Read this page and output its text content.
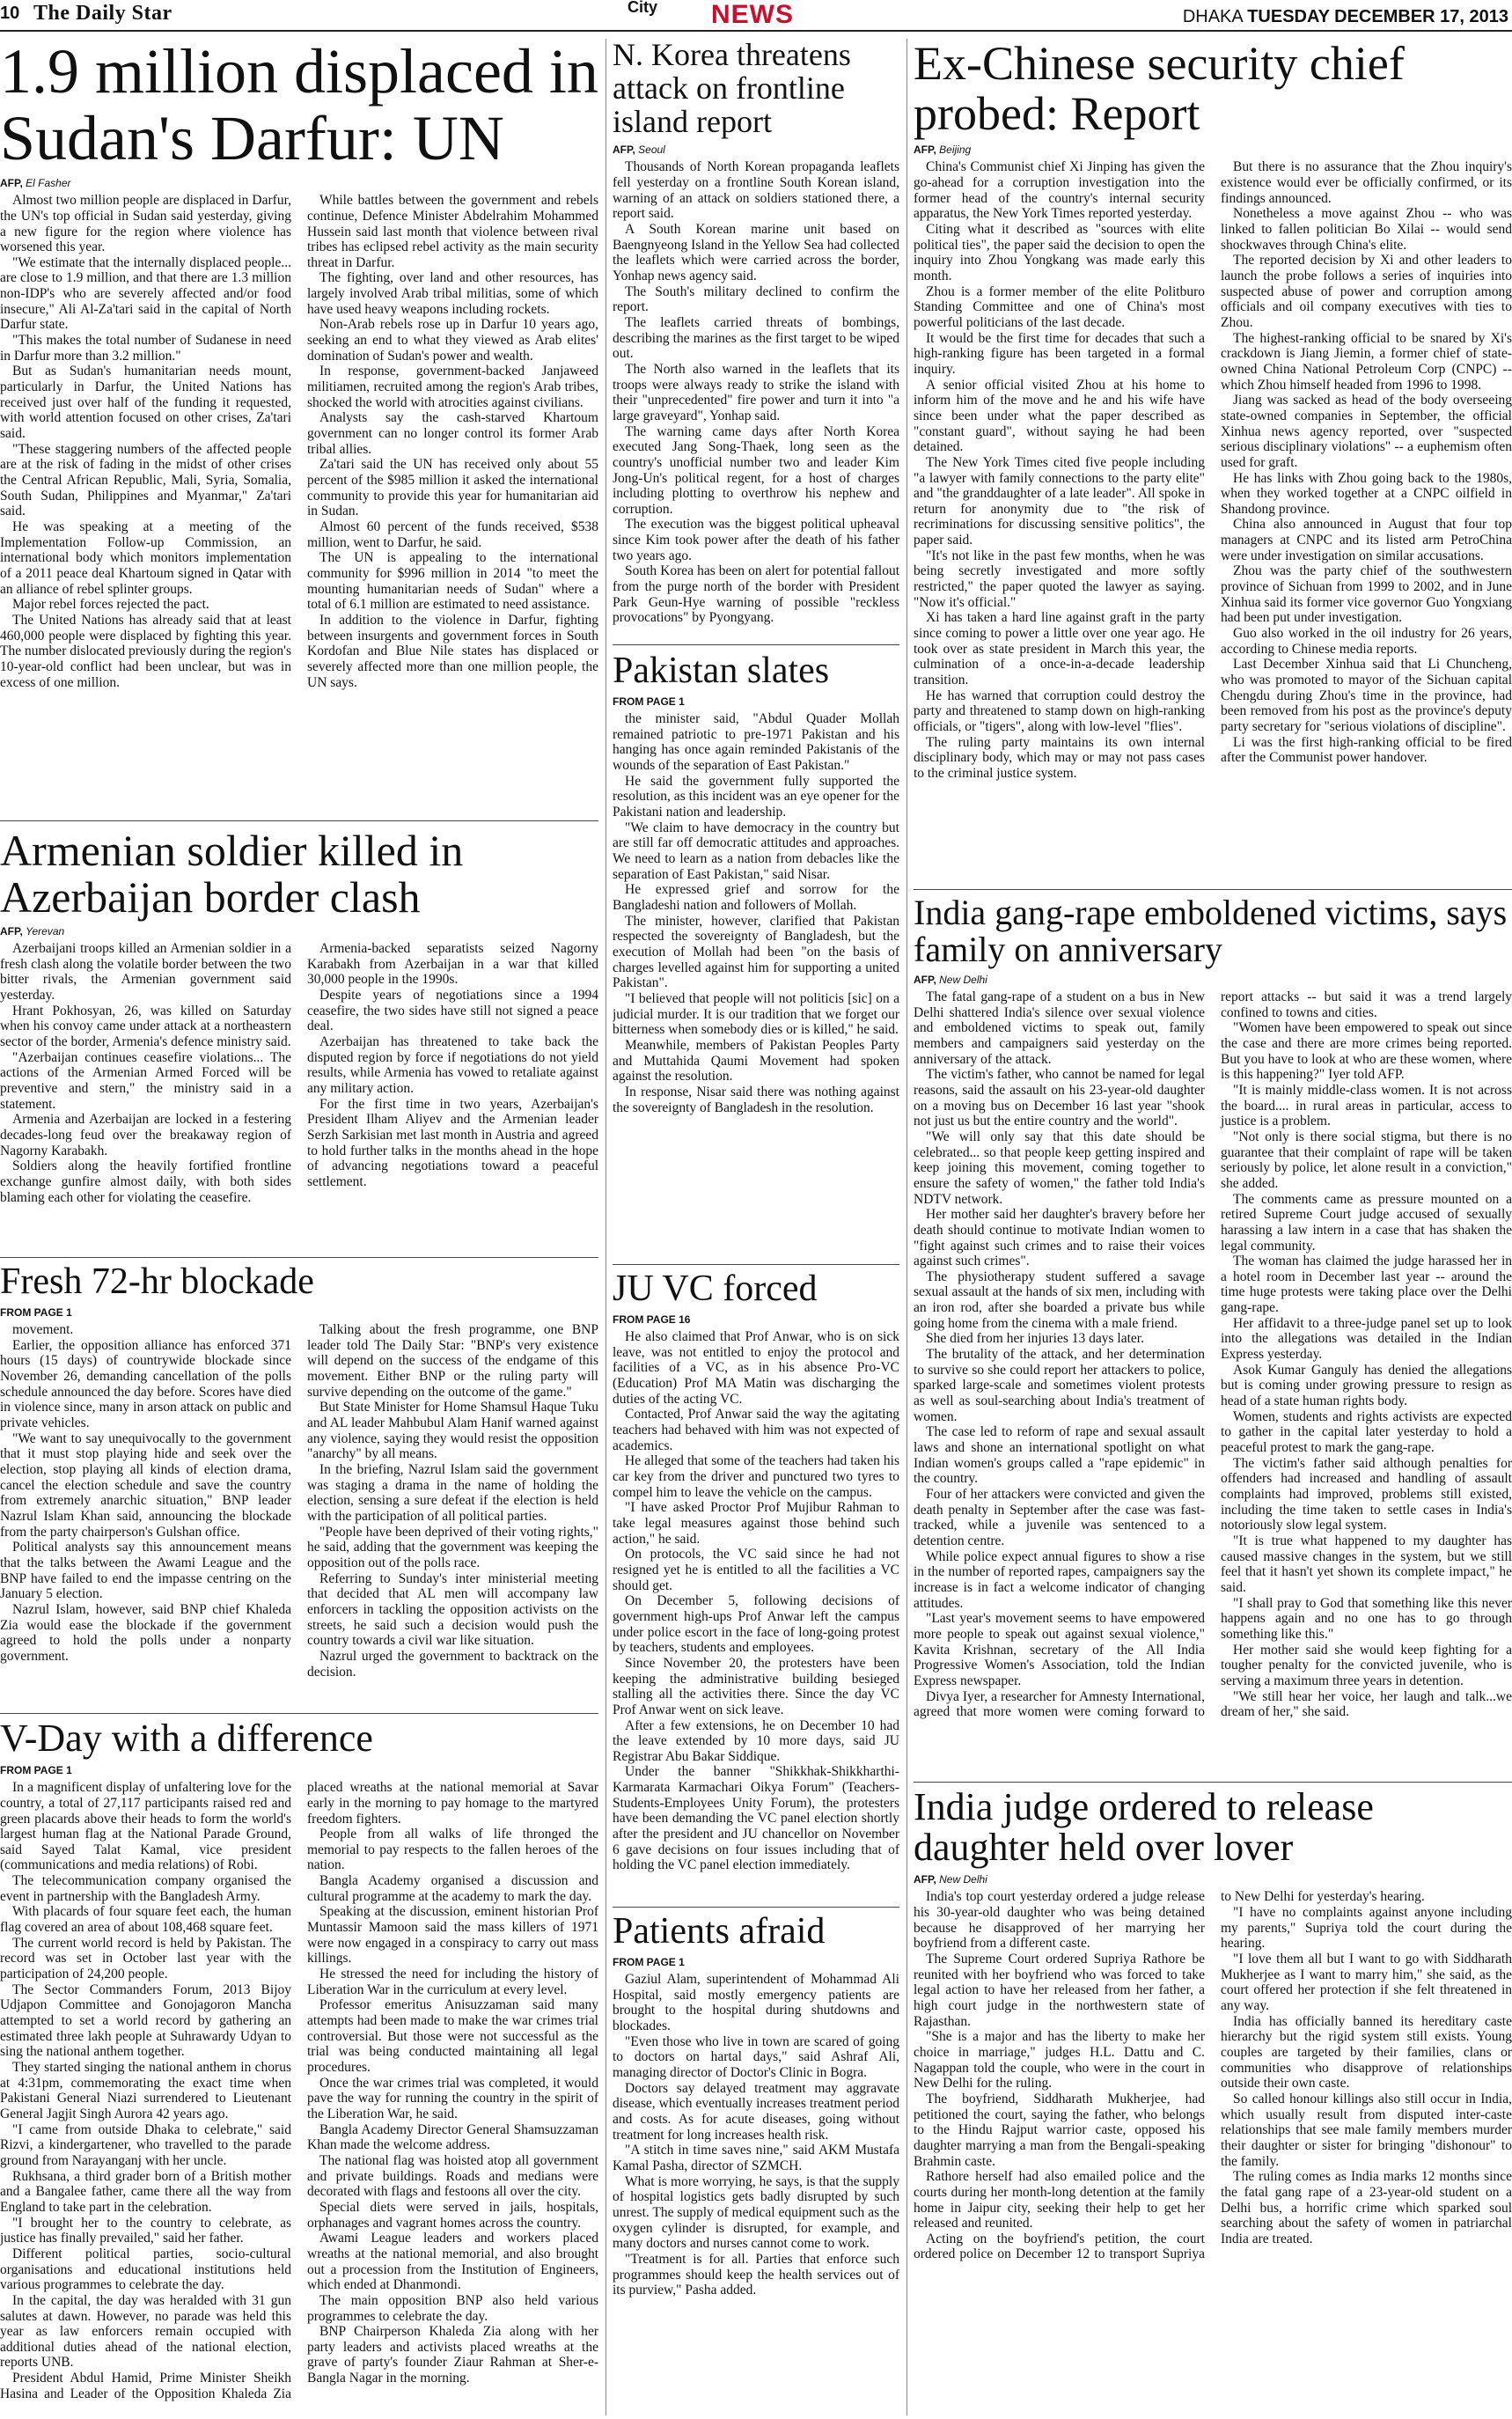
10 The Daily Star	City NEWS	DHAKA TUESDAY DECEMBER 17, 2013
1.9 million displaced in Sudan's Darfur: UN
AFP, El Fasher

Almost two million people are displaced in Darfur, the UN's top official in Sudan said yesterday, giving a new figure for the region where violence has worsened this year.

"We estimate that the internally displaced people... are close to 1.9 million, and that there are 1.3 million non-IDP's who are severely affected and/or food insecure," Ali Al-Za'tari said in the capital of North Darfur state.

"This makes the total number of Sudanese in need in Darfur more than 3.2 million."

But as Sudan's humanitarian needs mount, particularly in Darfur, the United Nations has received just over half of the funding it requested, with world attention focused on other crises, Za'tari said.

"These staggering numbers of the affected people are at the risk of fading in the midst of other crises the Central African Republic, Mali, Syria, Somalia, South Sudan, Philippines and Myanmar," Za'tari said.

He was speaking at a meeting of the Implementation Follow-up Commission, an international body which monitors implementation of a 2011 peace deal Khartoum signed in Qatar with an alliance of rebel splinter groups.

Major rebel forces rejected the pact.

The United Nations has already said that at least 460,000 people were displaced by fighting this year. The number dislocated previously during the region's 10-year-old conflict had been unclear, but was in excess of one million.

While battles between the government and rebels continue, Defence Minister Abdelrahim Mohammed Hussein said last month that violence between rival tribes has eclipsed rebel activity as the main security threat in Darfur.

The fighting, over land and other resources, has largely involved Arab tribal militias, some of which have used heavy weapons including rockets.

Non-Arab rebels rose up in Darfur 10 years ago, seeking an end to what they viewed as Arab elites' domination of Sudan's power and wealth.

In response, government-backed Janjaweed militiamen, recruited among the region's Arab tribes, shocked the world with atrocities against civilians.

Analysts say the cash-starved Khartoum government can no longer control its former Arab tribal allies.

Za'tari said the UN has received only about 55 percent of the $985 million it asked the international community to provide this year for humanitarian aid in Sudan.

Almost 60 percent of the funds received, $538 million, went to Darfur, he said.

The UN is appealing to the international community for $996 million in 2014 "to meet the mounting humanitarian needs of Sudan" where a total of 6.1 million are estimated to need assistance.

In addition to the violence in Darfur, fighting between insurgents and government forces in South Kordofan and Blue Nile states has displaced or severely affected more than one million people, the UN says.

Armenian soldier killed in Azerbaijan border clash
AFP, Yerevan

Azerbaijani troops killed an Armenian soldier in a fresh clash along the volatile border between the two bitter rivals, the Armenian government said yesterday.

Hrant Pokhosyan, 26, was killed on Saturday when his convoy came under attack at a northeastern sector of the border, Armenia's defence ministry said.

"Azerbaijan continues ceasefire violations... The actions of the Armenian Armed Forced will be preventive and stern," the ministry said in a statement.

Armenia and Azerbaijan are locked in a festering decades-long feud over the breakaway region of Nagorny Karabakh.

Soldiers along the heavily fortified frontline exchange gunfire almost daily, with both sides blaming each other for violating the ceasefire.

Armenia-backed separatists seized Nagorny Karabakh from Azerbaijan in a war that killed 30,000 people in the 1990s.

Despite years of negotiations since a 1994 ceasefire, the two sides have still not signed a peace deal.

Azerbaijan has threatened to take back the disputed region by force if negotiations do not yield results, while Armenia has vowed to retaliate against any military action.

For the first time in two years, Azerbaijan's President Ilham Aliyev and the Armenian leader Serzh Sarkisian met last month in Austria and agreed to hold further talks in the months ahead in the hope of advancing negotiations toward a peaceful settlement.

Fresh 72-hr blockade
FROM PAGE 1

movement.

Earlier, the opposition alliance has enforced 371 hours (15 days) of countrywide blockade since November 26, demanding cancellation of the polls schedule announced the day before. Scores have died in violence since, many in arson attack on public and private vehicles.

"We want to say unequivocally to the government that it must stop playing hide and seek over the election, stop playing all kinds of election drama, cancel the election schedule and save the country from extremely anarchic situation," BNP leader Nazrul Islam Khan said, announcing the blockade from the party chairperson's Gulshan office.

Political analysts say this announcement means that the talks between the Awami League and the BNP have failed to end the impasse centring on the January 5 election.

Nazrul Islam, however, said BNP chief Khaleda Zia would ease the blockade if the government agreed to hold the polls under a nonparty government.

Talking about the fresh programme, one BNP leader told The Daily Star: "BNP's very existence will depend on the success of the endgame of this movement. Either BNP or the ruling party will survive depending on the outcome of the game."

But State Minister for Home Shamsul Haque Tuku and AL leader Mahbubul Alam Hanif warned against any violence, saying they would resist the opposition "anarchy" by all means.

In the briefing, Nazrul Islam said the government was staging a drama in the name of holding the election, sensing a sure defeat if the election is held with the participation of all political parties.

"People have been deprived of their voting rights," he said, adding that the government was keeping the opposition out of the polls race.

Referring to Sunday's inter ministerial meeting that decided that AL men will accompany law enforcers in tackling the opposition activists on the streets, he said such a decision would push the country towards a civil war like situation.

Nazrul urged the government to backtrack on the decision.

V-Day with a difference
FROM PAGE 1

In a magnificent display of unfaltering love for the country, a total of 27,117 participants raised red and green placards above their heads to form the world's largest human flag at the National Parade Ground, said Sayed Talat Kamal, vice president (communications and media relations) of Robi.

The telecommunication company organised the event in partnership with the Bangladesh Army.

With placards of four square feet each, the human flag covered an area of about 108,468 square feet.

The current world record is held by Pakistan. The record was set in October last year with the participation of 24,200 people.

The Sector Commanders Forum, 2013 Bijoy Udjapon Committee and Gonojagoron Mancha attempted to set a world record by gathering an estimated three lakh people at Suhrawardy Udyan to sing the national anthem together.

They started singing the national anthem in chorus at 4:31pm, commemorating the exact time when Pakistani General Niazi surrendered to Lieutenant General Jagjit Singh Aurora 42 years ago.

"I came from outside Dhaka to celebrate," said Rizvi, a kindergartener, who travelled to the parade ground from Narayanganj with her uncle.

Rukhsana, a third grader born of a British mother and a Bangalee father, came there all the way from England to take part in the celebration.

"I brought her to the country to celebrate, as justice has finally prevailed," said her father.

Different political parties, socio-cultural organisations and educational institutions held various programmes to celebrate the day.

In the capital, the day was heralded with 31 gun salutes at dawn. However, no parade was held this year as law enforcers remain occupied with additional duties ahead of the national election, reports UNB.

President Abdul Hamid, Prime Minister Sheikh Hasina and Leader of the Opposition Khaleda Zia placed wreaths at the national memorial at Savar early in the morning to pay homage to the martyred freedom fighters.

People from all walks of life thronged the memorial to pay respects to the fallen heroes of the nation.

Bangla Academy organised a discussion and cultural programme at the academy to mark the day.

Speaking at the discussion, eminent historian Prof Muntassir Mamoon said the mass killers of 1971 were now engaged in a conspiracy to carry out mass killings.

He stressed the need for including the history of Liberation War in the curriculum at every level.

Professor emeritus Anisuzzaman said many attempts had been made to make the war crimes trial controversial. But those were not successful as the trial was being conducted maintaining all legal procedures.

Once the war crimes trial was completed, it would pave the way for running the country in the spirit of the Liberation War, he said.

Bangla Academy Director General Shamsuzzaman Khan made the welcome address.

The national flag was hoisted atop all government and private buildings. Roads and medians were decorated with flags and festoons all over the city.

Special diets were served in jails, hospitals, orphanages and vagrant homes across the country.

Awami League leaders and workers placed wreaths at the national memorial, and also brought out a procession from the Institution of Engineers, which ended at Dhanmondi.

The main opposition BNP also held various programmes to celebrate the day.

BNP Chairperson Khaleda Zia along with her party leaders and activists placed wreaths at the grave of party's founder Ziaur Rahman at Sher-e-Bangla Nagar in the morning.

N. Korea threatens attack on frontline island report
AFP, Seoul

Thousands of North Korean propaganda leaflets fell yesterday on a frontline South Korean island, warning of an attack on soldiers stationed there, a report said.

A South Korean marine unit based on Baengnyeong Island in the Yellow Sea had collected the leaflets which were carried across the border, Yonhap news agency said.

The South's military declined to confirm the report.

The leaflets carried threats of bombings, describing the marines as the first target to be wiped out.

The North also warned in the leaflets that its troops were always ready to strike the island with their "unprecedented" fire power and turn it into "a large graveyard", Yonhap said.

The warning came days after North Korea executed Jang Song-Thaek, long seen as the country's unofficial number two and leader Kim Jong-Un's political regent, for a host of charges including plotting to overthrow his nephew and corruption.

The execution was the biggest political upheaval since Kim took power after the death of his father two years ago.

South Korea has been on alert for potential fallout from the purge north of the border with President Park Geun-Hye warning of possible "reckless provocations" by Pyongyang.

Pakistan slates
FROM PAGE 1

the minister said, "Abdul Quader Mollah remained patriotic to pre-1971 Pakistan and his hanging has once again reminded Pakistanis of the wounds of the separation of East Pakistan."

He said the government fully supported the resolution, as this incident was an eye opener for the Pakistani nation and leadership.

"We claim to have democracy in the country but are still far off democratic attitudes and approaches. We need to learn as a nation from debacles like the separation of East Pakistan," said Nisar.

He expressed grief and sorrow for the Bangladeshi nation and followers of Mollah.

The minister, however, clarified that Pakistan respected the sovereignty of Bangladesh, but the execution of Mollah had been "on the basis of charges levelled against him for supporting a united Pakistan".

"I believed that people will not politicis [sic] on a judicial murder. It is our tradition that we forget our bitterness when somebody dies or is killed," he said.

Meanwhile, members of Pakistan Peoples Party and Muttahida Qaumi Movement had spoken against the resolution.

In response, Nisar said there was nothing against the sovereignty of Bangladesh in the resolution.

JU VC forced
FROM PAGE 16

He also claimed that Prof Anwar, who is on sick leave, was not entitled to enjoy the protocol and facilities of a VC, as in his absence Pro-VC (Education) Prof MA Matin was discharging the duties of the acting VC.

Contacted, Prof Anwar said the way the agitating teachers had behaved with him was not expected of academics.

He alleged that some of the teachers had taken his car key from the driver and punctured two tyres to compel him to leave the vehicle on the campus.

"I have asked Proctor Prof Mujibur Rahman to take legal measures against those behind such action," he said.

On protocols, the VC said since he had not resigned yet he is entitled to all the facilities a VC should get.

On December 5, following decisions of government high-ups Prof Anwar left the campus under police escort in the face of long-going protest by teachers, students and employees.

Since November 20, the protesters have been keeping the administrative building besieged stalling all the activities there. Since the day VC Prof Anwar went on sick leave.

After a few extensions, he on December 10 had the leave extended by 10 more days, said JU Registrar Abu Bakar Siddique.

Under the banner "Shikkhak-Shikkharthi-Karmarata Karmachari Oikya Forum" (Teachers-Students-Employees Unity Forum), the protesters have been demanding the VC panel election shortly after the president and JU chancellor on November 6 gave decisions on four issues including that of holding the VC panel election immediately.

Patients afraid
FROM PAGE 1

Gaziul Alam, superintendent of Mohammad Ali Hospital, said mostly emergency patients are brought to the hospital during shutdowns and blockades.

"Even those who live in town are scared of going to doctors on hartal days," said Ashraf Ali, managing director of Doctor's Clinic in Bogra.

Doctors say delayed treatment may aggravate disease, which eventually increases treatment period and costs. As for acute diseases, going without treatment for long increases health risk.

"A stitch in time saves nine," said AKM Mustafa Kamal Pasha, director of SZMCH.

What is more worrying, he says, is that the supply of hospital logistics gets badly disrupted by such unrest. The supply of medical equipment such as the oxygen cylinder is disrupted, for example, and many doctors and nurses cannot come to work.

"Treatment is for all. Parties that enforce such programmes should keep the health services out of its purview," Pasha added.

Ex-Chinese security chief probed: Report
AFP, Beijing

China's Communist chief Xi Jinping has given the go-ahead for a corruption investigation into the former head of the country's internal security apparatus, the New York Times reported yesterday.

Citing what it described as "sources with elite political ties", the paper said the decision to open the inquiry into Zhou Yongkang was made early this month.

Zhou is a former member of the elite Politburo Standing Committee and one of China's most powerful politicians of the last decade.

It would be the first time for decades that such a high-ranking figure has been targeted in a formal inquiry.

A senior official visited Zhou at his home to inform him of the move and he and his wife have since been under what the paper described as "constant guard", without saying he had been detained.

The New York Times cited five people including "a lawyer with family connections to the party elite" and "the granddaughter of a late leader". All spoke in return for anonymity due to "the risk of recriminations for discussing sensitive politics", the paper said.

"It's not like in the past few months, when he was being secretly investigated and more softly restricted," the paper quoted the lawyer as saying. "Now it's official."

Xi has taken a hard line against graft in the party since coming to power a little over one year ago. He took over as state president in March this year, the culmination of a once-in-a-decade leadership transition.

He has warned that corruption could destroy the party and threatened to stamp down on high-ranking officials, or "tigers", along with low-level "flies".

The ruling party maintains its own internal disciplinary body, which may or may not pass cases to the criminal justice system.

But there is no assurance that the Zhou inquiry's existence would ever be officially confirmed, or its findings announced.

Nonetheless a move against Zhou -- who was linked to fallen politician Bo Xilai -- would send shockwaves through China's elite.

The reported decision by Xi and other leaders to launch the probe follows a series of inquiries into suspected abuse of power and corruption among officials and oil company executives with ties to Zhou.

The highest-ranking official to be snared by Xi's crackdown is Jiang Jiemin, a former chief of state-owned China National Petroleum Corp (CNPC) -- which Zhou himself headed from 1996 to 1998.

Jiang was sacked as head of the body overseeing state-owned companies in September, the official Xinhua news agency reported, over "suspected serious disciplinary violations" -- a euphemism often used for graft.

He has links with Zhou going back to the 1980s, when they worked together at a CNPC oilfield in Shandong province.

China also announced in August that four top managers at CNPC and its listed arm PetroChina were under investigation on similar accusations.

Zhou was the party chief of the southwestern province of Sichuan from 1999 to 2002, and in June Xinhua said its former vice governor Guo Yongxiang had been put under investigation.

Guo also worked in the oil industry for 26 years, according to Chinese media reports.

Last December Xinhua said that Li Chuncheng, who was promoted to mayor of the Sichuan capital Chengdu during Zhou's time in the province, had been removed from his post as the province's deputy party secretary for "serious violations of discipline".

Li was the first high-ranking official to be fired after the Communist power handover.

India gang-rape emboldened victims, says family on anniversary
AFP, New Delhi

The fatal gang-rape of a student on a bus in New Delhi shattered India's silence over sexual violence and emboldened victims to speak out, family members and campaigners said yesterday on the anniversary of the attack.

The victim's father, who cannot be named for legal reasons, said the assault on his 23-year-old daughter on a moving bus on December 16 last year "shook not just us but the entire country and the world".

"We will only say that this date should be celebrated... so that people keep getting inspired and keep joining this movement, coming together to ensure the safety of women," the father told India's NDTV network.

Her mother said her daughter's bravery before her death should continue to motivate Indian women to "fight against such crimes and to raise their voices against such crimes".

The physiotherapy student suffered a savage sexual assault at the hands of six men, including with an iron rod, after she boarded a private bus while going home from the cinema with a male friend.

She died from her injuries 13 days later.

The brutality of the attack, and her determination to survive so she could report her attackers to police, sparked large-scale and sometimes violent protests as well as soul-searching about India's treatment of women.

The case led to reform of rape and sexual assault laws and shone an international spotlight on what Indian women's groups called a "rape epidemic" in the country.

Four of her attackers were convicted and given the death penalty in September after the case was fast-tracked, while a juvenile was sentenced to a detention centre.

While police expect annual figures to show a rise in the number of reported rapes, campaigners say the increase is in fact a welcome indicator of changing attitudes.

"Last year's movement seems to have empowered more people to speak out against sexual violence," Kavita Krishnan, secretary of the All India Progressive Women's Association, told the Indian Express newspaper.

Divya Iyer, a researcher for Amnesty International, agreed that more women were coming forward to report attacks -- but said it was a trend largely confined to towns and cities.

"Women have been empowered to speak out since the case and there are more crimes being reported. But you have to look at who are these women, where is this happening?" Iyer told AFP.

"It is mainly middle-class women. It is not across the board.... in rural areas in particular, access to justice is a problem.

"Not only is there social stigma, but there is no guarantee that their complaint of rape will be taken seriously by police, let alone result in a conviction," she added.

The comments came as pressure mounted on a retired Supreme Court judge accused of sexually harassing a law intern in a case that has shaken the legal community.

The woman has claimed the judge harassed her in a hotel room in December last year -- around the time huge protests were taking place over the Delhi gang-rape.

Her affidavit to a three-judge panel set up to look into the allegations was detailed in the Indian Express yesterday.

Asok Kumar Ganguly has denied the allegations but is coming under growing pressure to resign as head of a state human rights body.

Women, students and rights activists are expected to gather in the capital later yesterday to hold a peaceful protest to mark the gang-rape.

The victim's father said although penalties for offenders had increased and handling of assault complaints had improved, problems still existed, including the time taken to settle cases in India's notoriously slow legal system.

"It is true what happened to my daughter has caused massive changes in the system, but we still feel that it hasn't yet shown its complete impact," he said.

"I shall pray to God that something like this never happens again and no one has to go through something like this."

Her mother said she would keep fighting for a tougher penalty for the convicted juvenile, who is serving a maximum three years in detention.

"We still hear her voice, her laugh and talk...we dream of her," she said.

India judge ordered to release daughter held over lover
AFP, New Delhi

India's top court yesterday ordered a judge release his 30-year-old daughter who was being detained because he disapproved of her marrying her boyfriend from a different caste.

The Supreme Court ordered Supriya Rathore be reunited with her boyfriend who was forced to take legal action to have her released from her father, a high court judge in the northwestern state of Rajasthan.

"She is a major and has the liberty to make her choice in marriage," judges H.L. Dattu and C. Nagappan told the couple, who were in the court in New Delhi for the ruling.

The boyfriend, Siddharath Mukherjee, had petitioned the court, saying the father, who belongs to the Hindu Rajput warrior caste, opposed his daughter marrying a man from the Bengali-speaking Brahmin caste.

Rathore herself had also emailed police and the courts during her month-long detention at the family home in Jaipur city, seeking their help to get her released and reunited.

Acting on the boyfriend's petition, the court ordered police on December 12 to transport Supriya to New Delhi for yesterday's hearing.

"I have no complaints against anyone including my parents," Supriya told the court during the hearing.

"I love them all but I want to go with Siddharath Mukherjee as I want to marry him," she said, as the court offered her protection if she felt threatened in any way.

India has officially banned its hereditary caste hierarchy but the rigid system still exists. Young couples are targeted by their families, clans or communities who disapprove of relationships outside their own caste.

So called honour killings also still occur in India, which usually result from disputed inter-caste relationships that see male family members murder their daughter or sister for bringing "dishonour" to the family.

The ruling comes as India marks 12 months since the fatal gang rape of a 23-year-old student on a Delhi bus, a horrific crime which sparked soul searching about the safety of women in patriarchal India are treated.
